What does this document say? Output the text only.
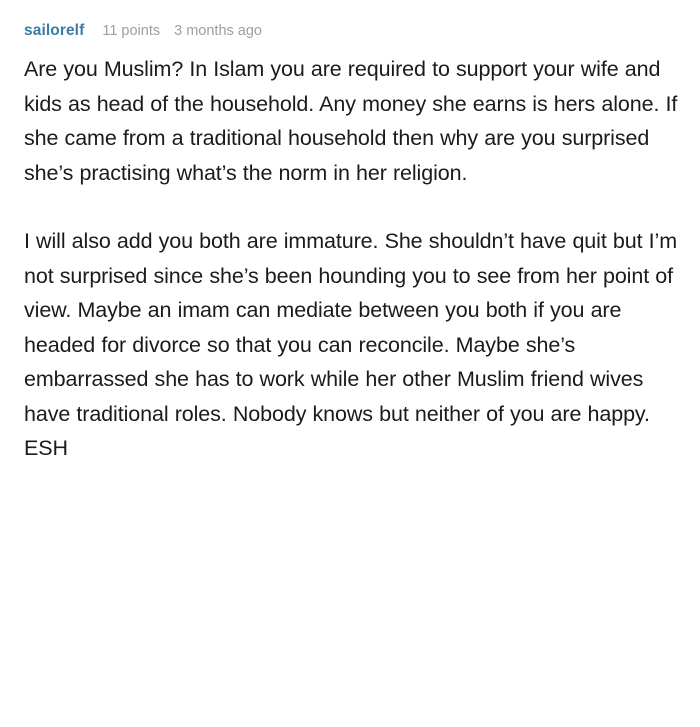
sailorelf 11 points 3 months ago

Are you Muslim? In Islam you are required to support your wife and kids as head of the household. Any money she earns is hers alone. If she came from a traditional household then why are you surprised she’s practising what’s the norm in her religion.

I will also add you both are immature. She shouldn’t have quit but I’m not surprised since she’s been hounding you to see from her point of view. Maybe an imam can mediate between you both if you are headed for divorce so that you can reconcile. Maybe she’s embarrassed she has to work while her other Muslim friend wives have traditional roles. Nobody knows but neither of you are happy. ESH
